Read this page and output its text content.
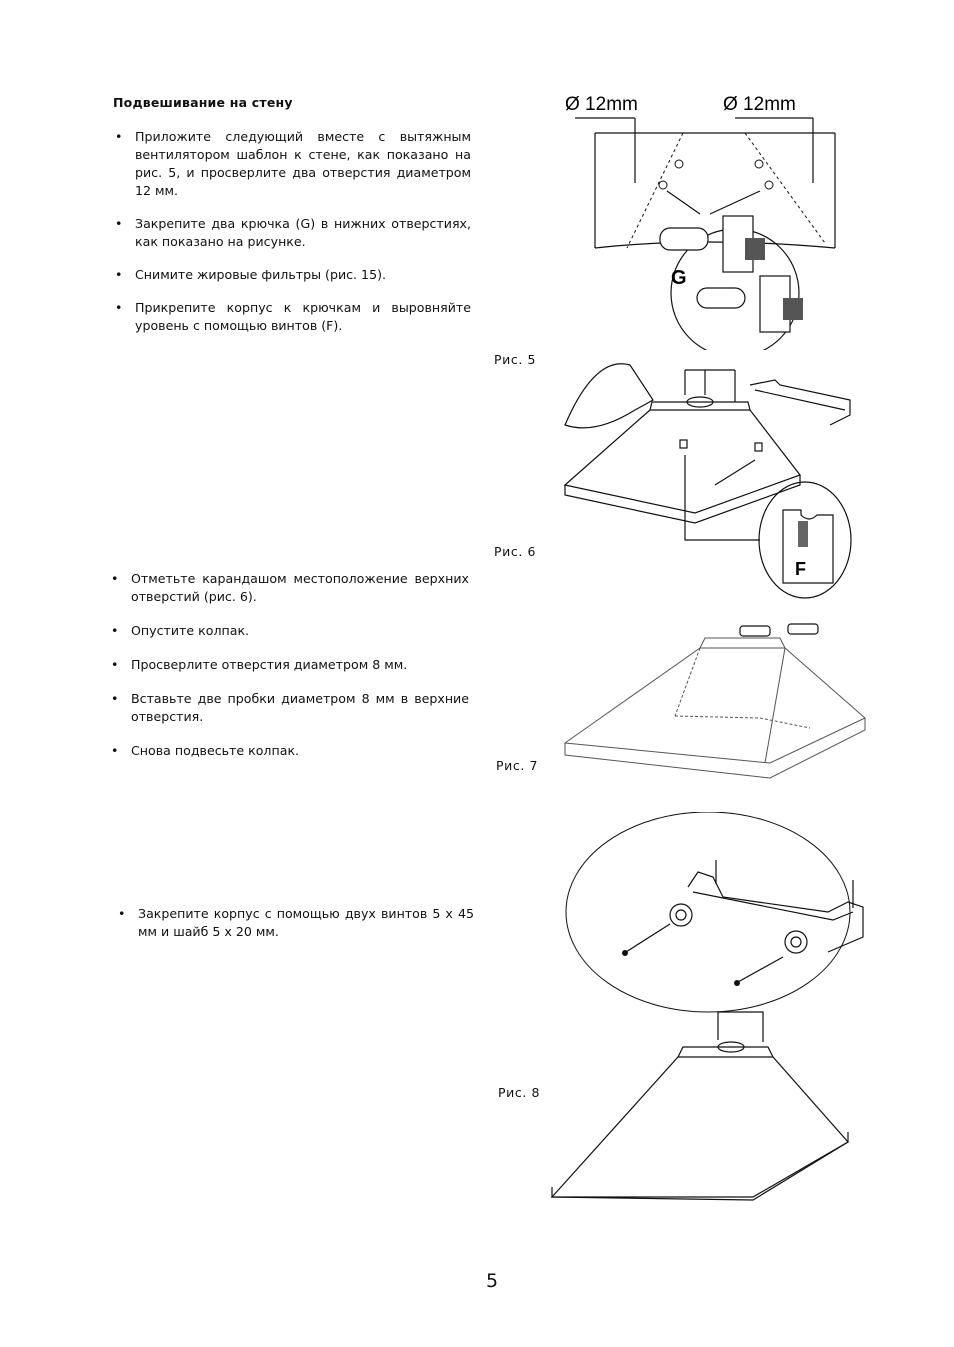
Подвешивание на стену
• Приложите следующий вместе с вытяжным вентилятором шаблон к стене, как показано на рис. 5, и просверлите два отверстия диаметром 12 мм.
• Закрепите два крючка (G) в нижних отверстиях, как показано на рисунке.
• Снимите жировые фильтры (рис. 15).
• Прикрепите корпус к крючкам и выровняйте уровень с помощью винтов (F).
• Отметьте карандашом местоположение верхних отверстий (рис. 6).
• Опустите колпак.
• Просверлите отверстия диаметром 8 мм.
• Вставьте две пробки диаметром 8 мм в верхние отверстия.
• Снова подвесьте колпак.
• Закрепите корпус с помощью двух винтов 5 х 45 мм и шайб 5 х 20 мм.
Рис. 5
Рис. 6
Рис. 7
Рис. 8
Ø 12mm	Ø 12mm
G
F
5
